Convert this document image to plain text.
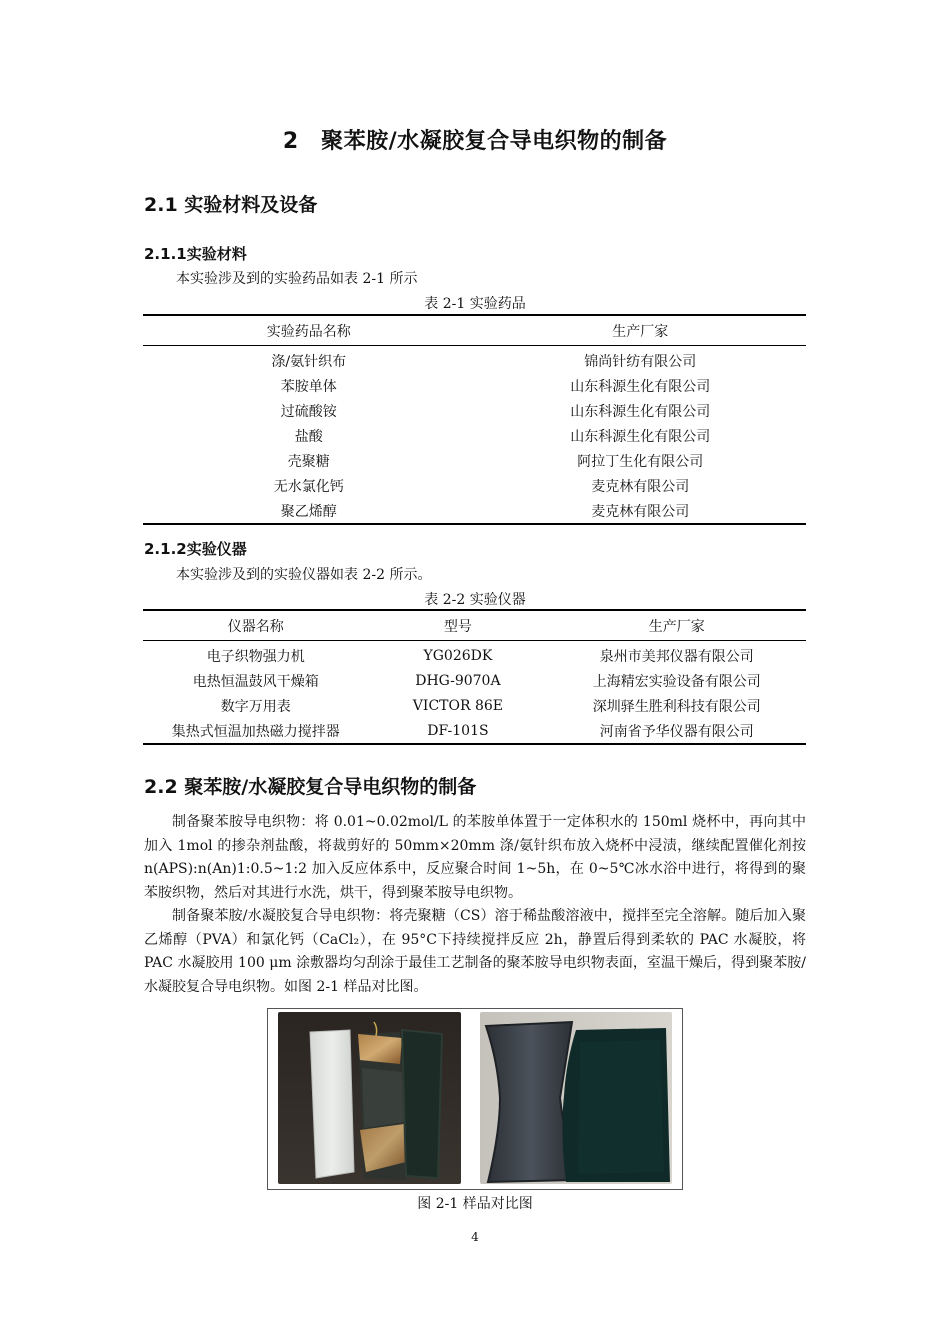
2　聚苯胺/水凝胶复合导电织物的制备
2.1 实验材料及设备
2.1.1实验材料
本实验涉及到的实验药品如表 2-1 所示
表 2-1 实验药品
实验药品名称	生产厂家
涤/氨针织布	锦尚针纺有限公司
苯胺单体	山东科源生化有限公司
过硫酸铵	山东科源生化有限公司
盐酸	山东科源生化有限公司
壳聚糖	阿拉丁生化有限公司
无水氯化钙	麦克林有限公司
聚乙烯醇	麦克林有限公司
2.1.2实验仪器
本实验涉及到的实验仪器如表 2-2 所示。
表 2-2 实验仪器
仪器名称	型号	生产厂家
电子织物强力机	YG026DK	泉州市美邦仪器有限公司
电热恒温鼓风干燥箱	DHG-9070A	上海精宏实验设备有限公司
数字万用表	VICTOR 86E	深圳驿生胜利科技有限公司
集热式恒温加热磁力搅拌器	DF-101S	河南省予华仪器有限公司
2.2 聚苯胺/水凝胶复合导电织物的制备

制备聚苯胺导电织物：将 0.01~0.02mol/L 的苯胺单体置于一定体积水的 150ml 烧杯中，再向其中加入 1mol 的掺杂剂盐酸，将裁剪好的 50mm×20mm 涤/氨针织布放入烧杯中浸渍，继续配置催化剂按 n(APS):n(An)1:0.5~1:2 加入反应体系中，反应聚合时间 1~5h，在 0~5℃冰水浴中进行，将得到的聚苯胺织物，然后对其进行水洗，烘干，得到聚苯胺导电织物。

制备聚苯胺/水凝胶复合导电织物：将壳聚糖（CS）溶于稀盐酸溶液中，搅拌至完全溶解。随后加入聚乙烯醇（PVA）和氯化钙（CaCl₂），在 95°C下持续搅拌反应 2h，静置后得到柔软的 PAC 水凝胶，将 PAC 水凝胶用 100 μm 涂敷器均匀刮涂于最佳工艺制备的聚苯胺导电织物表面，室温干燥后，得到聚苯胺/水凝胶复合导电织物。如图 2-1 样品对比图。

图 2-1 样品对比图
4
